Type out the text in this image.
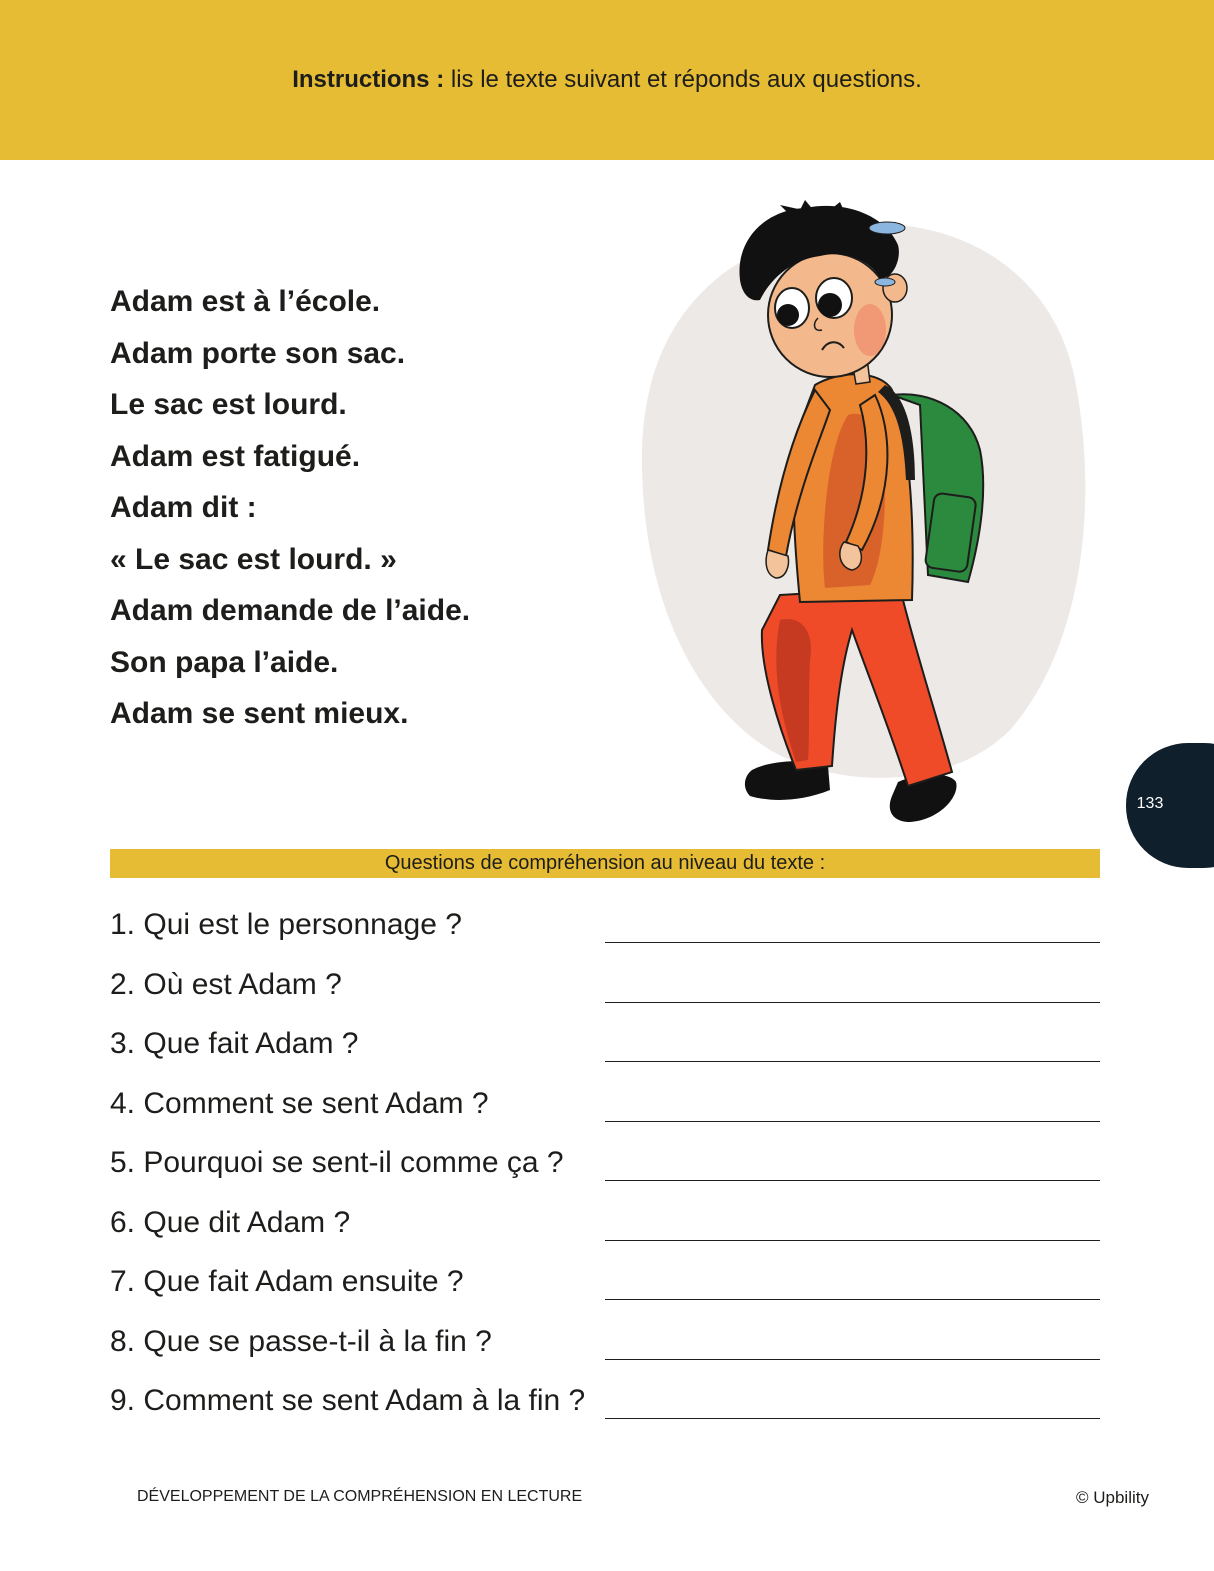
Instructions : lis le texte suivant et réponds aux questions.
Adam est à l’école.
Adam porte son sac.
Le sac est lourd.
Adam est fatigué.
Adam dit :
« Le sac est lourd. »
Adam demande de l’aide.
Son papa l’aide.
Adam se sent mieux.
133
Questions de compréhension au niveau du texte :
1. Qui est le personnage ?
2. Où est Adam ?
3. Que fait Adam ?
4. Comment se sent Adam ?
5. Pourquoi se sent-il comme ça ?
6. Que dit Adam ?
7. Que fait Adam ensuite ?
8. Que se passe-t-il à la fin ?
9. Comment se sent Adam à la fin ?
DÉVELOPPEMENT DE LA COMPRÉHENSION EN LECTURE	© Upbility
